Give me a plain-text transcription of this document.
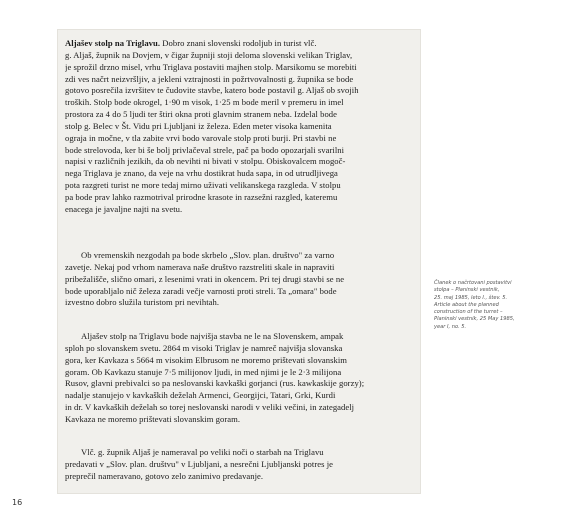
Aljašev stolp na Triglavu. Dobro znani slovenski rodoljub in turist vlč.
g. Aljaš, župnik na Dovjem, v čigar župniji stoji deloma slovenski velikan Triglav,
je sprožil drzno misel, vrhu Triglava postaviti majhen stolp. Marsikomu se morebiti
zdi ves načrt neizvršljiv, a jekleni vztrajnosti in požrtvovalnosti g. župnika se bode
gotovo posrečila izvršitev te čudovite stavbe, katero bode postavil g. Aljaš ob svojih
troških. Stolp bode okrogel, 1·90 m visok, 1·25 m bode meril v premeru in imel
prostora za 4 do 5 ljudi ter štiri okna proti glavnim stranem neba. Izdelal bode
stolp g. Belec v Št. Vidu pri Ljubljani iz železa. Eden meter visoka kamenita
ograja in močne, v tla zabite vrvi bodo varovale stolp proti burji. Pri stavbi ne
bode strelovoda, ker bi še bolj privlačeval strele, pač pa bodo opozarjali svarilni
napisi v različnih jezikih, da ob nevihti ni bivati v stolpu. Obiskovalcem mogoč-
nega Triglava je znano, da veje na vrhu dostikrat huda sapa, in od utrudljivega
pota razgreti turist ne more tedaj mirno uživati velikanskega razgleda. V stolpu
pa bode prav lahko razmotrival prirodne krasote in razsežni razgled, kateremu
enacega je javaljne najti na svetu.

Ob vremenskih nezgodah pa bode skrbelo „Slov. plan. društvo" za varno
zavetje. Nekaj pod vrhom namerava naše društvo razstreliti skale in napraviti
pribežališče, slično omari, z lesenimi vrati in okencem. Pri tej drugi stavbi se ne
bode uporabljalo nič železa zaradi večje varnosti proti streli. Ta „omara" bode
izvestno dobro služila turistom pri nevihtah.

Aljašev stolp na Triglavu bode najvišja stavba ne le na Slovenskem, ampak
sploh po slovanskem svetu. 2864 m visoki Triglav je namreč najvišja slovanska
gora, ker Kavkaza s 5664 m visokim Elbrusom ne moremo prištevati slovanskim
goram. Ob Kavkazu stanuje 7·5 milijonov ljudi, in med njimi je le 2·3 milijona
Rusov, glavni prebivalci so pa neslovanski kavkaški gorjanci (rus. kawkaskije gorzy);
nadalje stanujejo v kavkaških deželah Armenci, Georgijci, Tatari, Grki, Kurdi
in dr. V kavkaških deželah so torej neslovanski narodi v veliki večini, in zategadelj
Kavkaza ne moremo prištevati slovanskim goram.

Vlč. g. župnik Aljaš je nameraval po veliki noči o starbah na Triglavu
predavati v „Slov. plan. društvu" v Ljubljani, a nesrečni Ljubljanski potres je
preprečil nameravano, gotovo zelo zanimivo predavanje.

Članek o načrtovani postavitvi
stolpa – Planinski vestnik,
25. maj 1985, leto I., štev. 5.
Article about the planned
construction of the turret –
Planinski vestnik, 25 May 1985,
year I, no. 5.
16
